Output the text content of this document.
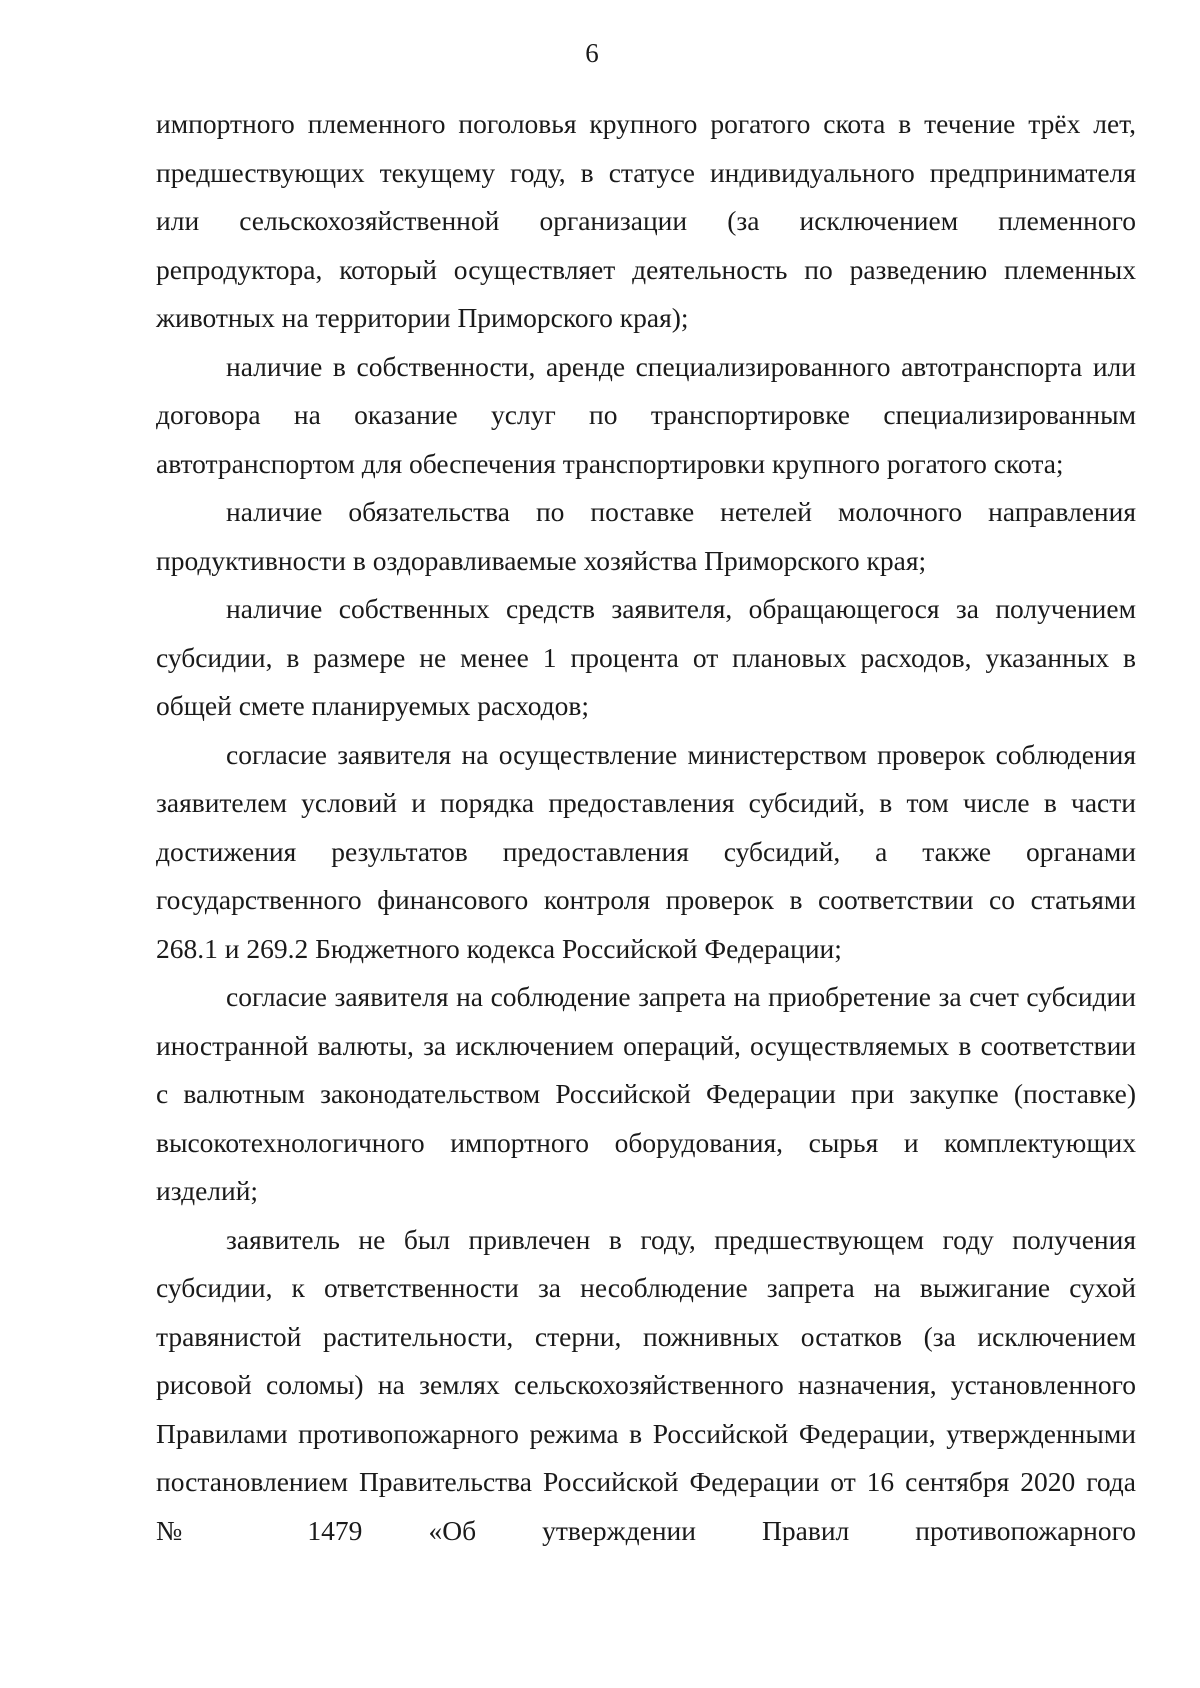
6

импортного племенного поголовья крупного рогатого скота в течение трёх лет, предшествующих текущему году, в статусе индивидуального предпринимателя или сельскохозяйственной организации (за исключением племенного репродуктора, который осуществляет деятельность по разведению племенных животных на территории Приморского края);

наличие в собственности, аренде специализированного автотранспорта или договора на оказание услуг по транспортировке специализированным автотранспортом для обеспечения транспортировки крупного рогатого скота;

наличие обязательства по поставке нетелей молочного направления продуктивности в оздоравливаемые хозяйства Приморского края;

наличие собственных средств заявителя, обращающегося за получением субсидии, в размере не менее 1 процента от плановых расходов, указанных в общей смете планируемых расходов;

согласие заявителя на осуществление министерством проверок соблюдения заявителем условий и порядка предоставления субсидий, в том числе в части достижения результатов предоставления субсидий, а также органами государственного финансового контроля проверок в соответствии со статьями 268.1 и 269.2 Бюджетного кодекса Российской Федерации;

согласие заявителя на соблюдение запрета на приобретение за счет субсидии иностранной валюты, за исключением операций, осуществляемых в соответствии с валютным законодательством Российской Федерации при закупке (поставке) высокотехнологичного импортного оборудования, сырья и комплектующих изделий;

заявитель не был привлечен в году, предшествующем году получения субсидии, к ответственности за несоблюдение запрета на выжигание сухой травянистой растительности, стерни, пожнивных остатков (за исключением рисовой соломы) на землях сельскохозяйственного назначения, установленного Правилами противопожарного режима в Российской Федерации, утвержденными постановлением Правительства Российской Федерации от 16 сентября 2020 года № 1479 «Об утверждении Правил противопожарного
